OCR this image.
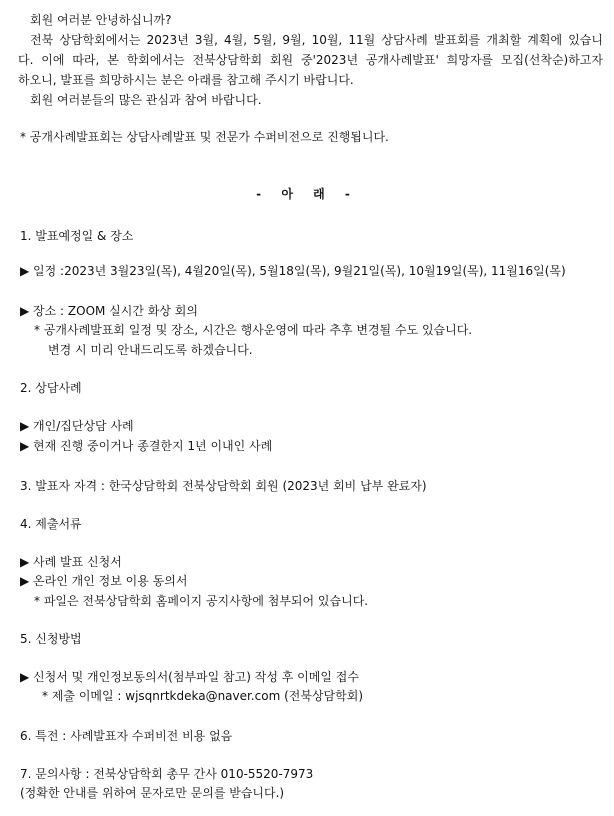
회원 여러분 안녕하십니까?
전북 상담학회에서는 2023년 3월, 4월, 5월, 9월, 10월, 11월 상담사례 발표회를 개최할 계획에 있습니
다. 이에 따라, 본 학회에서는 전북상담학회 회원 중'2023년 공개사례발표' 희망자를 모집(선착순)하고자
하오니, 발표를 희망하시는 분은 아래를 참고해 주시기 바랍니다.
회원 여러분들의 많은 관심과 참여 바랍니다.
* 공개사례발표회는 상담사례발표 및 전문가 수퍼비전으로 진행됩니다.
- 아 래 -
1. 발표예정일 & 장소
▶ 일정 :2023년 3월23일(목), 4월20일(목), 5월18일(목), 9월21일(목), 10월19일(목), 11월16일(목)
▶ 장소 : ZOOM 실시간 화상 회의
* 공개사례발표회 일정 및 장소, 시간은 행사운영에 따라 추후 변경될 수도 있습니다.
변경 시 미리 안내드리도록 하겠습니다.
2. 상담사례
▶ 개인/집단상담 사례
▶ 현재 진행 중이거나 종결한지 1년 이내인 사례
3. 발표자 자격 : 한국상담학회 전북상담학회 회원 (2023년 회비 납부 완료자)
4. 제출서류
▶ 사례 발표 신청서
▶ 온라인 개인 정보 이용 동의서
* 파일은 전북상담학회 홈페이지 공지사항에 첨부되어 있습니다.
5. 신청방법
▶ 신청서 및 개인정보동의서(첨부파일 참고) 작성 후 이메일 접수
* 제출 이메일 : wjsqnrtkdeka@naver.com (전북상담학회)
6. 특전 : 사례발표자 수퍼비전 비용 없음
7. 문의사항 : 전북상담학회 총무 간사 010-5520-7973
(정확한 안내를 위하여 문자로만 문의를 받습니다.)
